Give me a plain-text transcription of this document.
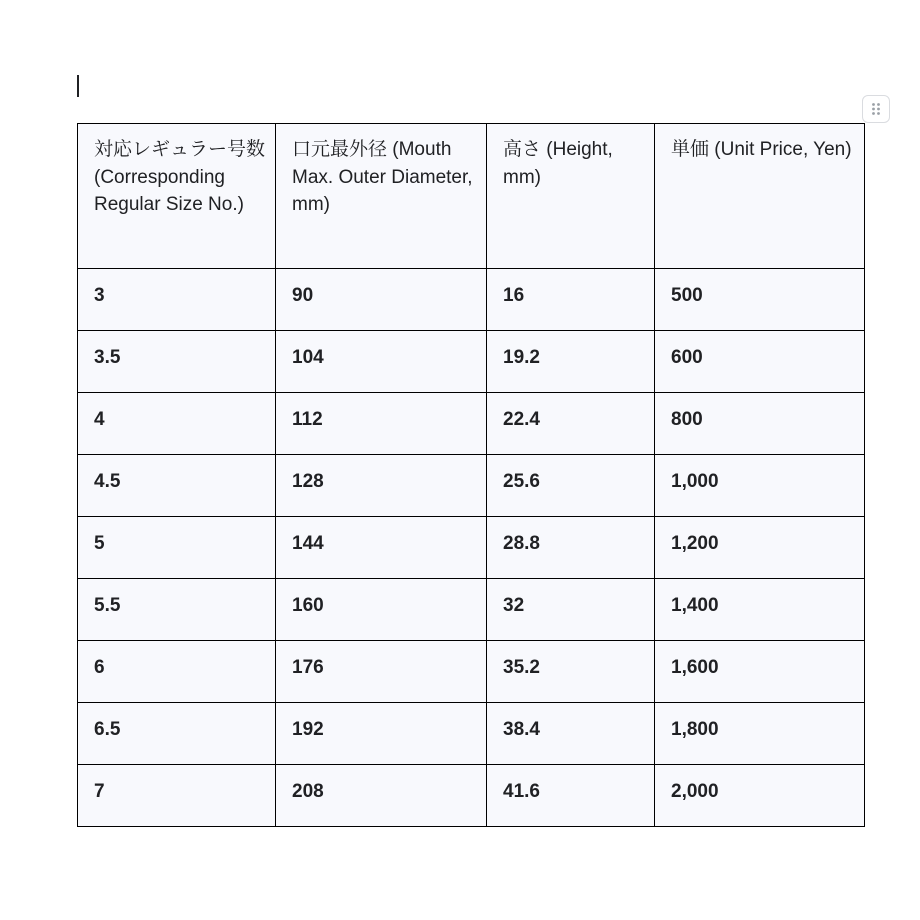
対応レギュラー号数 (Corresponding Regular Size No.)	口元最外径 (Mouth Max. Outer Diameter, mm)	高さ (Height, mm)	単価 (Unit Price, Yen)
3	90	16	500
3.5	104	19.2	600
4	112	22.4	800
4.5	128	25.6	1,000
5	144	28.8	1,200
5.5	160	32	1,400
6	176	35.2	1,600
6.5	192	38.4	1,800
7	208	41.6	2,000
